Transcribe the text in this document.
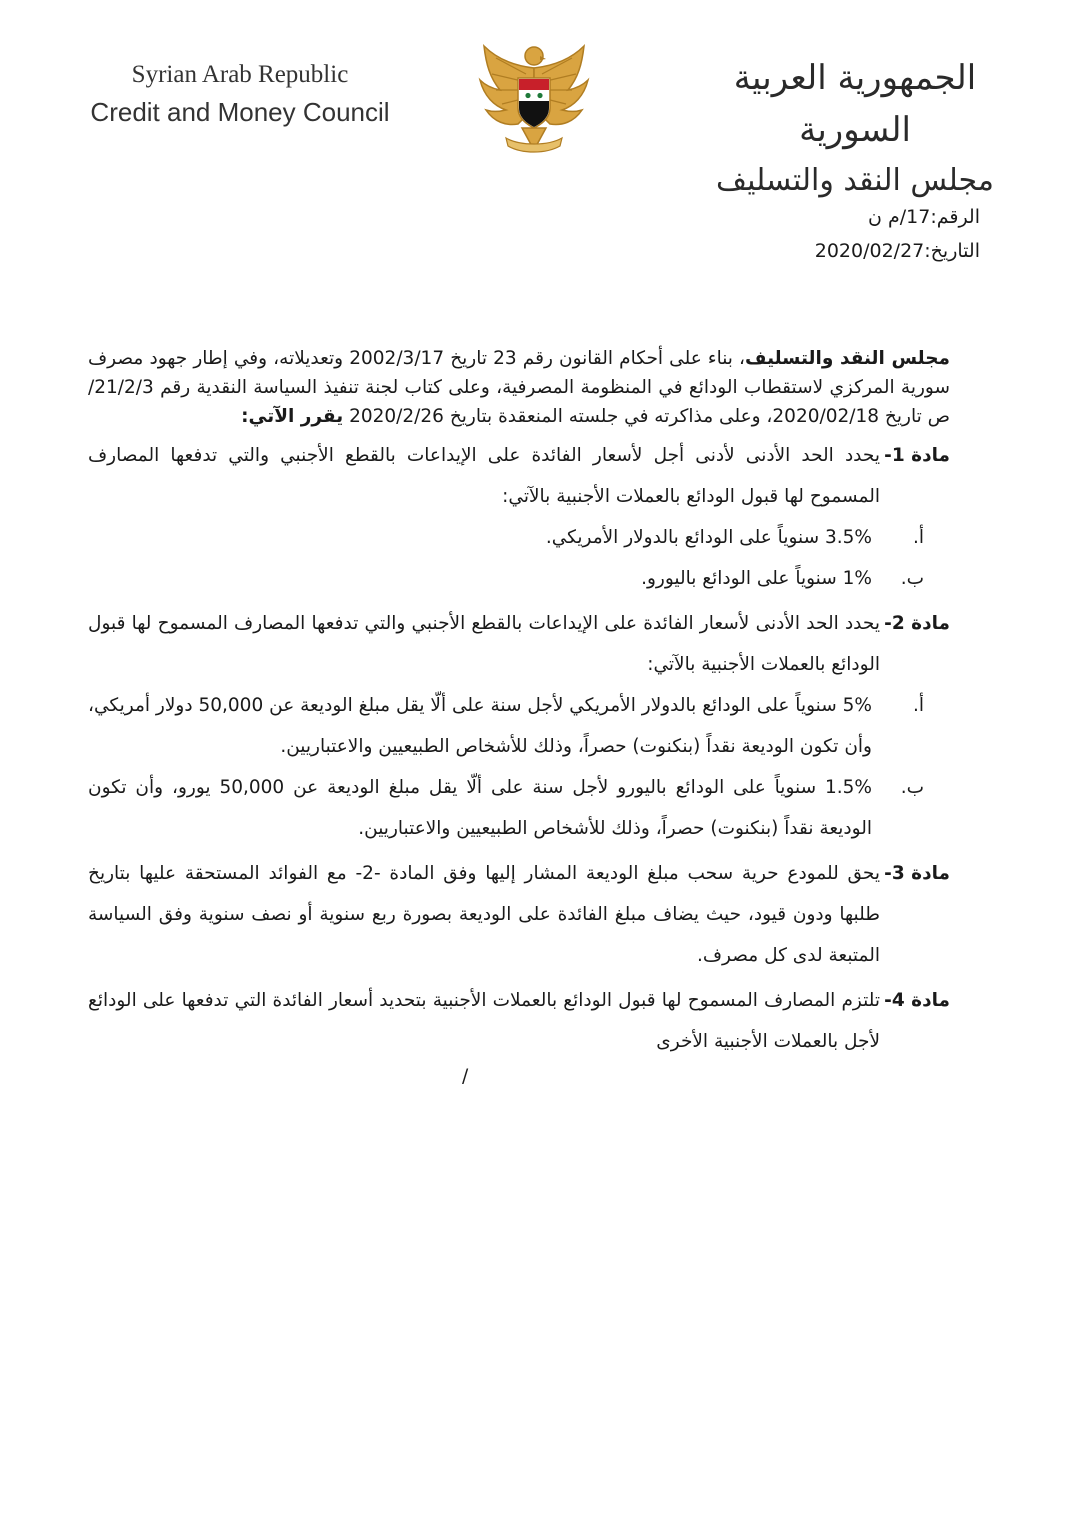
Syrian Arab Republic
Credit and Money Council
الجمهورية العربية السورية
مجلس النقد والتسليف
الرقم:17/م ن
التاريخ:2020/02/27

مجلس النقد والتسليف، بناء على أحكام القانون رقم 23 تاريخ 2002/3/17 وتعديلاته، وفي إطار جهود مصرف سورية المركزي لاستقطاب الودائع في المنظومة المصرفية، وعلى كتاب لجنة تنفيذ السياسة النقدية رقم 21/2/3/ص تاريخ 2020/02/18، وعلى مذاكرته في جلسته المنعقدة بتاريخ 2020/2/26 يقرر الآتي:

مادة 1-
يحدد الحد الأدنى لأدنى أجل لأسعار الفائدة على الإيداعات بالقطع الأجنبي والتي تدفعها المصارف المسموح لها قبول الودائع بالعملات الأجنبية بالآتي:
أ.
3.5% سنوياً على الودائع بالدولار الأمريكي.
ب.
1% سنوياً على الودائع باليورو.
مادة 2-
يحدد الحد الأدنى لأسعار الفائدة على الإيداعات بالقطع الأجنبي والتي تدفعها المصارف المسموح لها قبول الودائع بالعملات الأجنبية بالآتي:
أ.
5% سنوياً على الودائع بالدولار الأمريكي لأجل سنة على ألّا يقل مبلغ الوديعة عن 50,000 دولار أمريكي، وأن تكون الوديعة نقداً (بنكنوت) حصراً، وذلك للأشخاص الطبيعيين والاعتباريين.
ب.
1.5% سنوياً على الودائع باليورو لأجل سنة على ألّا يقل مبلغ الوديعة عن 50,000 يورو، وأن تكون الوديعة نقداً (بنكنوت) حصراً، وذلك للأشخاص الطبيعيين والاعتباريين.
مادة 3-
يحق للمودع حرية سحب مبلغ الوديعة المشار إليها وفق المادة -2- مع الفوائد المستحقة عليها بتاريخ طلبها ودون قيود، حيث يضاف مبلغ الفائدة على الوديعة بصورة ربع سنوية أو نصف سنوية وفق السياسة المتبعة لدى كل مصرف.
مادة 4-
تلتزم المصارف المسموح لها قبول الودائع بالعملات الأجنبية بتحديد أسعار الفائدة التي تدفعها على الودائع لأجل بالعملات الأجنبية الأخرى
/
